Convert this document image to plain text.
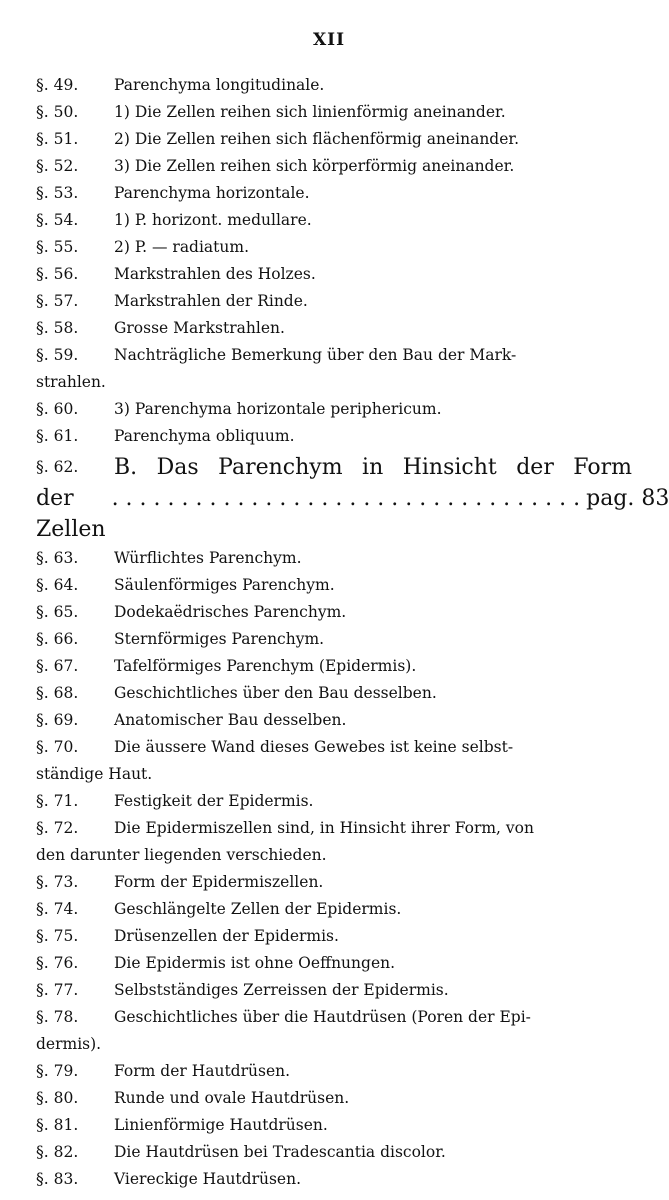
XII
§. 49.	Parenchyma longitudinale.
§. 50.	1) Die Zellen reihen sich linienförmig aneinander.
§. 51.	2) Die Zellen reihen sich flächenförmig aneinander.
§. 52.	3) Die Zellen reihen sich körperförmig aneinander.
§. 53.	Parenchyma horizontale.
§. 54.	1) P. horizont. medullare.
§. 55.	2) P. — radiatum.
§. 56.	Markstrahlen des Holzes.
§. 57.	Markstrahlen der Rinde.
§. 58.	Grosse Markstrahlen.
§. 59.	Nachträgliche Bemerkung über den Bau der Mark-
strahlen.
§. 60.	3) Parenchyma horizontale periphericum.
§. 61.	Parenchyma obliquum.
§. 62.	B. Das Parenchym in Hinsicht der Form
der Zellen
. . . . . . . . . . . . . . . . . . . . . . . . . . . . . . . . . . pag. 83
§. 63.	Würflichtes Parenchym.
§. 64.	Säulenförmiges Parenchym.
§. 65.	Dodekaëdrisches Parenchym.
§. 66.	Sternförmiges Parenchym.
§. 67.	Tafelförmiges Parenchym (Epidermis).
§. 68.	Geschichtliches über den Bau desselben.
§. 69.	Anatomischer Bau desselben.
§. 70.	Die äussere Wand dieses Gewebes ist keine selbst-
ständige Haut.
§. 71.	Festigkeit der Epidermis.
§. 72.	Die Epidermiszellen sind, in Hinsicht ihrer Form, von
den darunter liegenden verschieden.
§. 73.	Form der Epidermiszellen.
§. 74.	Geschlängelte Zellen der Epidermis.
§. 75.	Drüsenzellen der Epidermis.
§. 76.	Die Epidermis ist ohne Oeffnungen.
§. 77.	Selbstständiges Zerreissen der Epidermis.
§. 78.	Geschichtliches über die Hautdrüsen (Poren der Epi-
dermis).
§. 79.	Form der Hautdrüsen.
§. 80.	Runde und ovale Hautdrüsen.
§. 81.	Linienförmige Hautdrüsen.
§. 82.	Die Hautdrüsen bei Tradescantia discolor.
§. 83.	Viereckige Hautdrüsen.
